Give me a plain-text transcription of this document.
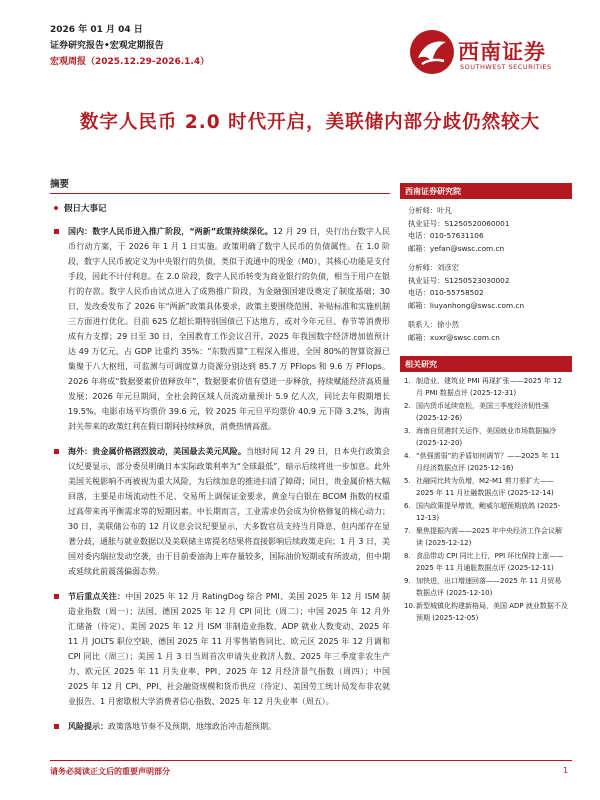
2026 年 01 月 04 日
证券研究报告•宏观定期报告
宏观周报（2025.12.29-2026.1.4）	西南证券
SOUTHWEST SECURITIES
数字人民币 2.0 时代开启，美联储内部分歧仍然较大
摘要
假日大事记
国内：数字人民币进入推广阶段，“两新”政策持续深化。12 月 29 日，央行出台数字人民币行动方案，于 2026 年 1 月 1 日实施。政策明确了数字人民币的负债属性。在 1.0 阶段，数字人民币被定义为中央银行的负债，类似于流通中的现金（M0），其核心功能是支付手段，因此不计付利息。在 2.0 阶段，数字人民币转变为商业银行的负债，相当于用户在银行的存款。数字人民币由试点进入了成熟推广阶段，为金融强国建设奠定了制度基础；30 日，发改委发布了 2026 年“两新”政策具体要求，政策主要围绕范围、补贴标准和实施机制三方面进行优化。目前 625 亿超长期特别国债已下达地方，或对今年元旦、春节等消费形成有力支撑；29 日至 30 日，全国教育工作会议召开。2025 年我国数字经济增加值预计达 49 万亿元，占 GDP 比重约 35%：“东数西算”工程深入推进，全国 80%的智算资源已集聚于八大枢纽，可监测与可调度算力资源分别达到 85.7 万 PFlops 和 9.6 万 PFlops。2026 年将成“数据要素价值释放年”，数据要素价值有望进一步释放，持续赋能经济高质量发展；2026 年元旦期间，全社会跨区域人员流动量预计 5.9 亿人次，同比去年假期增长 19.5%。电影市场平均票价 39.6 元，较 2025 年元旦平均票价 40.9 元下降 3.2%，海南封关带来的政策红利在假日期间持续释放，消费热情高涨。
海外：贵金属价格剧烈波动，美国最去美元风险。当地时间 12 月 29 日，日本央行政策会议纪要显示，部分委员明确日本实际政策利率为“全球最低”，暗示后续将进一步加息。此外美国关税影响不再被视为重大风险，为后续加息的推进扫清了障碍；同日，贵金属价格大幅回落，主要是市场流动性不足、交易所上调保证金要求，黄金与白银在 BCOM 指数的权重过高带来再平衡需求等的短期因素。中长期而言，工业需求仍会成为价格修复的核心动力；30 日，美联储公布的 12 月议息会议纪要显示，大多数官员支持当月降息，但内部存在显著分歧，通胀与就业数据以及美联储主席提名结果将直接影响后续政策走向；1 月 3 日，美国对委内瑞拉发动空袭，由于目前委油海上库存量较多，国际油价短期或有所波动，但中期或延续此前震荡偏弱态势。
节后重点关注：中国 2025 年 12 月 RatingDog 综合 PMI、美国 2025 年 12 月 ISM 制造业指数（周一）；法国、德国 2025 年 12 月 CPI 同比（周二）；中国 2025 年 12 月外汇储备（待定）、美国 2025 年 12 月 ISM 非制造业指数、ADP 就业人数变动、2025 年 11 月 JOLTS 职位空缺、德国 2025 年 11 月零售销售同比、欧元区 2025 年 12 月调和 CPI 同比（周三）；美国 1 月 3 日当周首次申请失业救济人数、2025 年三季度非农生产力、欧元区 2025 年 11 月失业率、PPI、2025 年 12 月经济景气指数（周四）；中国 2025 年 12 月 CPI、PPI、社会融资规模和货币供应（待定）、美国劳工统计局发布非农就业报告、1 月密歇根大学消费者信心指数、2025 年 12 月失业率（周五）。
风险提示：政策落地节奏不及预期，地缘政治冲击超预期。
西南证券研究院
分析师：叶凡
执业证号：S1250520060001
电话：010-57631106
邮箱：yefan@swsc.com.cn
分析师：刘彦宏
执业证号：S1250523030002
电话：010-55758502
邮箱：liuyanhong@swsc.com.cn
联系人：徐小然
邮箱：xuxr@swsc.com.cn
相关研究
1. 制造业、建筑业 PMI 再现扩张——2025 年 12 月 PMI 数据点评 (2025-12-31)
2. 国内货币延续宽松，美国三季度经济韧性强 (2025-12-26)
3. 海南自贸港封关运作，美国就业市场数据偏冷 (2025-12-20)
4. “供强需弱”的矛盾如何调节？——2025 年 11 月经济数据点评 (2025-12-16)
5. 社融同比转为负增，M2-M1 剪刀差扩大——2025 年 11 月社融数据点评 (2025-12-14)
6. 国内政策提早增效，鲍威尔超预期放鸽 (2025-12-13)
7. 聚焦提振内需——2025 年中央经济工作会议解读 (2025-12-12)
8. 食品带动 CPI 同比上行，PPI 环比保持上涨——2025 年 11 月通胀数据点评 (2025-12-11)
9. 加快进，出口增速回落——2025 年 11 月贸易数据点评 (2025-12-10)
10. 新型城镇化构建新格局，美国 ADP 就业数据不及预期 (2025-12-05)
请务必阅读正文后的重要声明部分	1
